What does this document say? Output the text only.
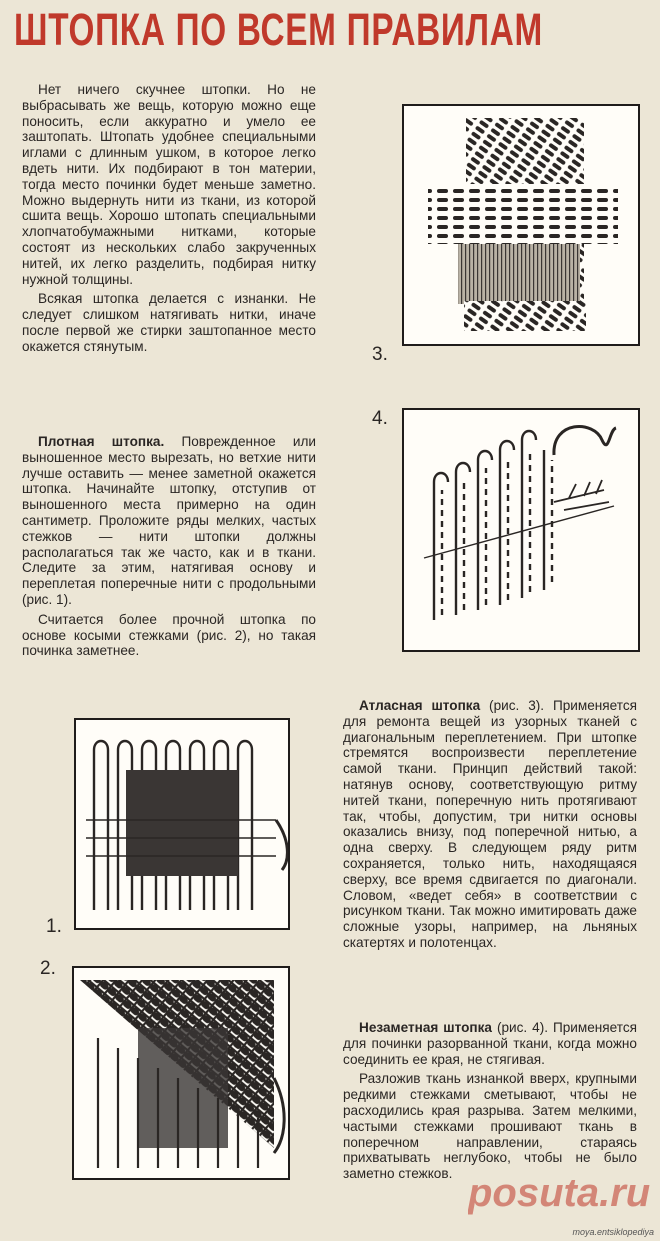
ШТОПКА ПО ВСЕМ ПРАВИЛАМ

Нет ничего скучнее штопки. Но не выбрасывать же вещь, которую можно еще поносить, если аккуратно и умело ее заштопать. Штопать удобнее специальными иглами с длинным ушком, в которое легко вдеть нити. Их подбирают в тон материи, тогда место починки будет меньше заметно. Можно выдернуть нити из ткани, из которой сшита вещь. Хорошо штопать специальными хлопчатобумажными нитками, которые состоят из нескольких слабо закрученных нитей, их легко разделить, подбирая нитку нужной толщины.

Всякая штопка делается с изнанки. Не следует слишком натягивать нитки, иначе после первой же стирки заштопанное место окажется стянутым.

Плотная штопка. Поврежденное или выношенное место вырезать, но ветхие нити лучше оставить — менее заметной окажется штопка. Начинайте штопку, отступив от выношенного места примерно на один сантиметр. Проложите ряды мелких, частых стежков — нити штопки должны располагаться так же часто, как и в ткани. Следите за этим, натягивая основу и переплетая поперечные нити с продольными (рис. 1).

Считается более прочной штопка по основе косыми стежками (рис. 2), но такая починка заметнее.

3.
4.

Атласная штопка (рис. 3). Применяется для ремонта вещей из узорных тканей с диагональным переплетением. При штопке стремятся воспроизвести переплетение самой ткани. Принцип действий такой: натянув основу, соответствующую ритму нитей ткани, поперечную нить протягивают так, чтобы, допустим, три нитки основы оказались внизу, под поперечной нитью, а одна сверху. В следующем ряду ритм сохраняется, только нить, находящаяся сверху, все время сдвигается по диагонали. Словом, «ведет себя» в соответствии с рисунком ткани. Так можно имитировать даже сложные узоры, например, на льняных скатертях и полотенцах.

Незаметная штопка (рис. 4). Применяется для починки разорванной ткани, когда можно соединить ее края, не стягивая.

Разложив ткань изнанкой вверх, крупными редкими стежками сметывают, чтобы не расходились края разрыва. Затем мелкими, частыми стежками прошивают ткань в поперечном направлении, стараясь прихватывать неглубоко, чтобы не было заметно стежков.

1.
2.
posuta.ru
moya.entsiklopediya
